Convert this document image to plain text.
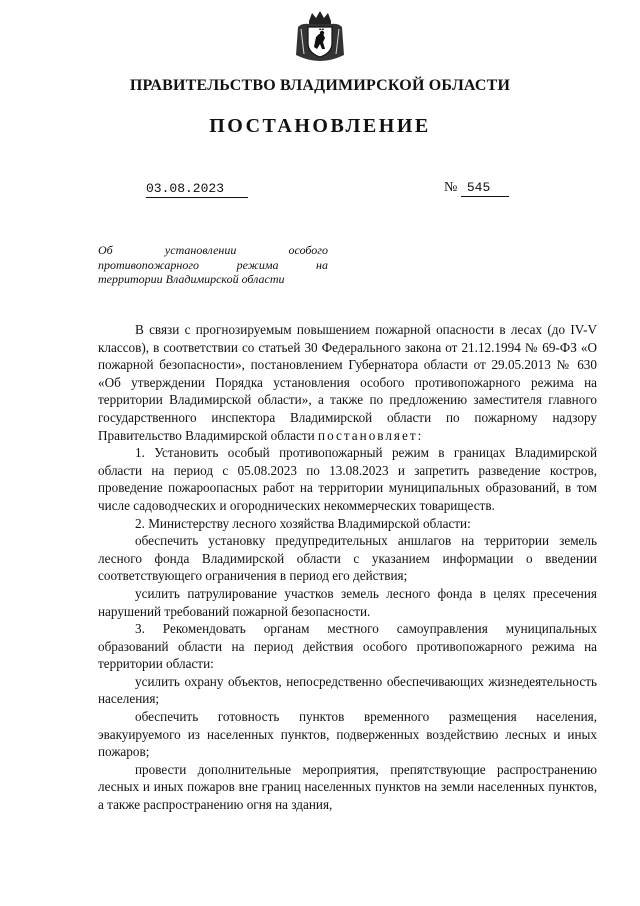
ПРАВИТЕЛЬСТВО ВЛАДИМИРСКОЙ ОБЛАСТИ
ПОСТАНОВЛЕНИЕ
03.08.2023	№ 545
Об установлении особого
противопожарного режима на
территории Владимирской области

В связи с прогнозируемым повышением пожарной опасности в лесах (до IV-V классов), в соответствии со статьей 30 Федерального закона от 21.12.1994 № 69-ФЗ «О пожарной безопасности», постановлением Губернатора области от 29.05.2013 № 630 «Об утверждении Порядка установления особого противопожарного режима на территории Владимирской области», а также по предложению заместителя главного государственного инспектора Владимирской области по пожарному надзору Правительство Владимирской области постановляет:

1. Установить особый противопожарный режим в границах Владимирской области на период с 05.08.2023 по 13.08.2023 и запретить разведение костров, проведение пожароопасных работ на территории муниципальных образований, в том числе садоводческих и огороднических некоммерческих товариществ.

2. Министерству лесного хозяйства Владимирской области:

обеспечить установку предупредительных аншлагов на территории земель лесного фонда Владимирской области с указанием информации о введении соответствующего ограничения в период его действия;

усилить патрулирование участков земель лесного фонда в целях пресечения нарушений требований пожарной безопасности.

3. Рекомендовать органам местного самоуправления муниципальных образований области на период действия особого противопожарного режима на территории области:

усилить охрану объектов, непосредственно обеспечивающих жизнедеятельность населения;

обеспечить готовность пунктов временного размещения населения, эвакуируемого из населенных пунктов, подверженных воздействию лесных и иных пожаров;

провести дополнительные мероприятия, препятствующие распространению лесных и иных пожаров вне границ населенных пунктов на земли населенных пунктов, а также распространению огня на здания,
